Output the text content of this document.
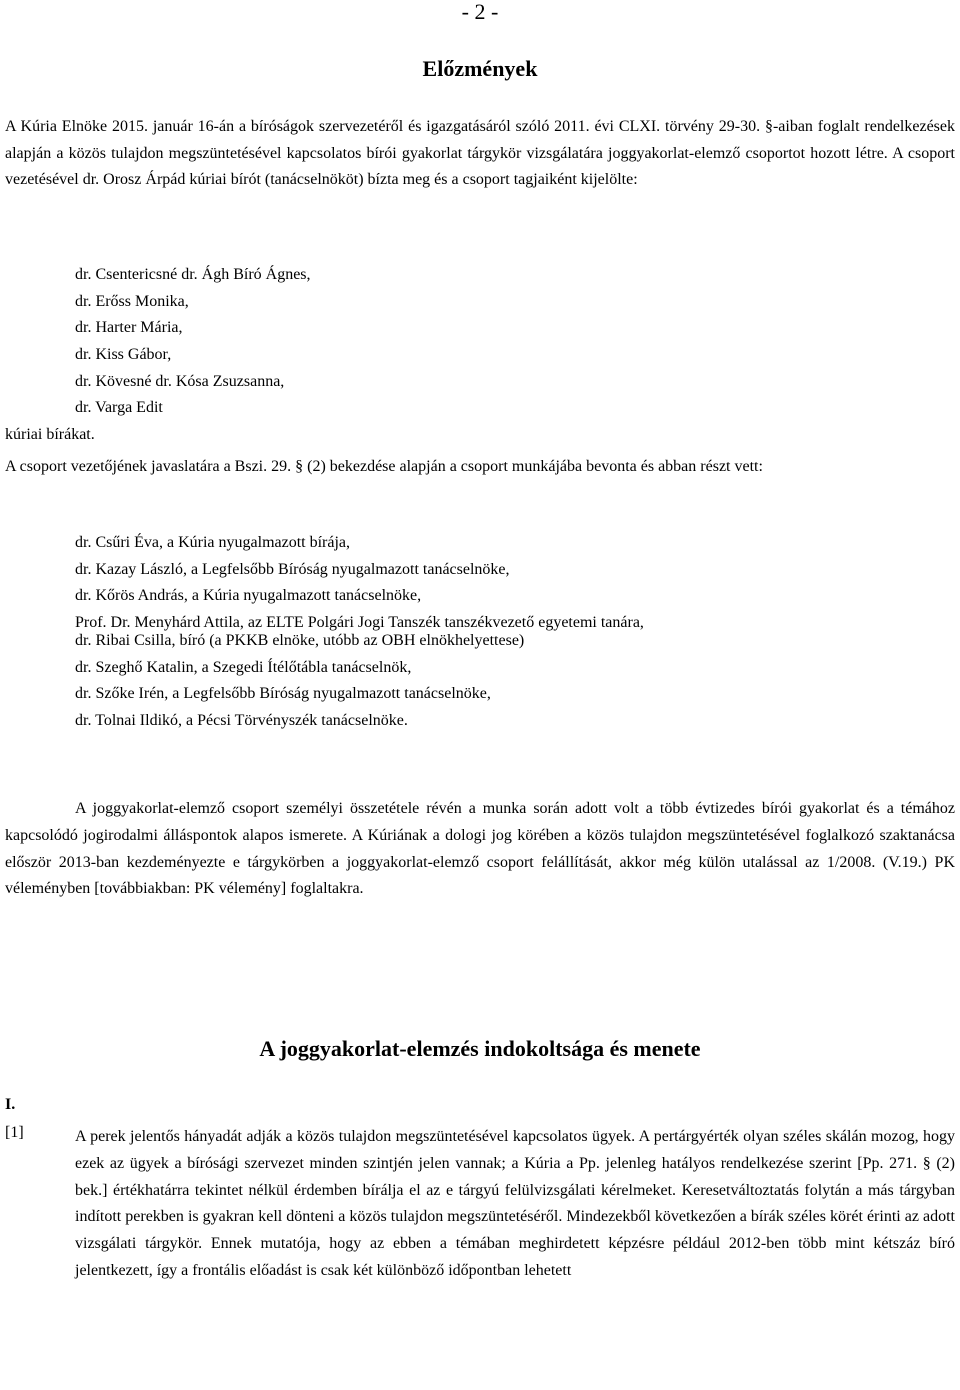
- 2 -
Előzmények
A Kúria Elnöke 2015. január 16-án a bíróságok szervezetéről és igazgatásáról szóló 2011. évi CLXI. törvény 29-30. §-aiban foglalt rendelkezések alapján a közös tulajdon megszüntetésével kapcsolatos bírói gyakorlat tárgykör vizsgálatára joggyakorlat-elemző csoportot hozott létre. A csoport vezetésével dr. Orosz Árpád kúriai bírót (tanácselnököt) bízta meg és a csoport tagjaiként kijelölte:
dr. Csentericsné dr. Ágh Bíró Ágnes,
dr. Erőss Monika,
dr. Harter Mária,
dr. Kiss Gábor,
dr. Kövesné dr. Kósa Zsuzsanna,
dr. Varga Edit
kúriai bírákat.
A csoport vezetőjének javaslatára a Bszi. 29. § (2) bekezdése alapján a csoport munkájába bevonta és abban részt vett:
dr. Csűri Éva, a Kúria nyugalmazott bírája,
dr. Kazay László, a Legfelsőbb Bíróság nyugalmazott tanácselnöke,
dr. Kőrös András, a Kúria nyugalmazott tanácselnöke,
Prof. Dr. Menyhárd Attila, az ELTE Polgári Jogi Tanszék tanszékvezető egyetemi tanára,
dr. Ribai Csilla, bíró (a PKKB elnöke, utóbb az OBH elnökhelyettese)
dr. Szeghő Katalin, a Szegedi Ítélőtábla tanácselnök,
dr. Szőke Irén, a Legfelsőbb Bíróság nyugalmazott tanácselnöke,
dr. Tolnai Ildikó, a Pécsi Törvényszék tanácselnöke.
A joggyakorlat-elemző csoport személyi összetétele révén a munka során adott volt a több évtizedes bírói gyakorlat és a témához kapcsolódó jogirodalmi álláspontok alapos ismerete. A Kúriának a dologi jog körében a közös tulajdon megszüntetésével foglalkozó szaktanácsa először 2013-ban kezdeményezte e tárgykörben a joggyakorlat-elemző csoport felállítását, akkor még külön utalással az 1/2008. (V.19.) PK véleményben [továbbiakban: PK vélemény] foglaltakra.
A joggyakorlat-elemzés indokoltsága és menete
I.
[1]	A perek jelentős hányadát adják a közös tulajdon megszüntetésével kapcsolatos ügyek. A pertárgyérték olyan széles skálán mozog, hogy ezek az ügyek a bírósági szervezet minden szintjén jelen vannak; a Kúria a Pp. jelenleg hatályos rendelkezése szerint [Pp. 271. § (2) bek.] értékhatárra tekintet nélkül érdemben bírálja el az e tárgyú felülvizsgálati kérelmeket. Keresetváltoztatás folytán a más tárgyban indított perekben is gyakran kell dönteni a közös tulajdon megszüntetéséről. Mindezekből következően a bírák széles körét érinti az adott vizsgálati tárgykör. Ennek mutatója, hogy az ebben a témában meghirdetett képzésre például 2012-ben több mint kétszáz bíró jelentkezett, így a frontális előadást is csak két különböző időpontban lehetett
